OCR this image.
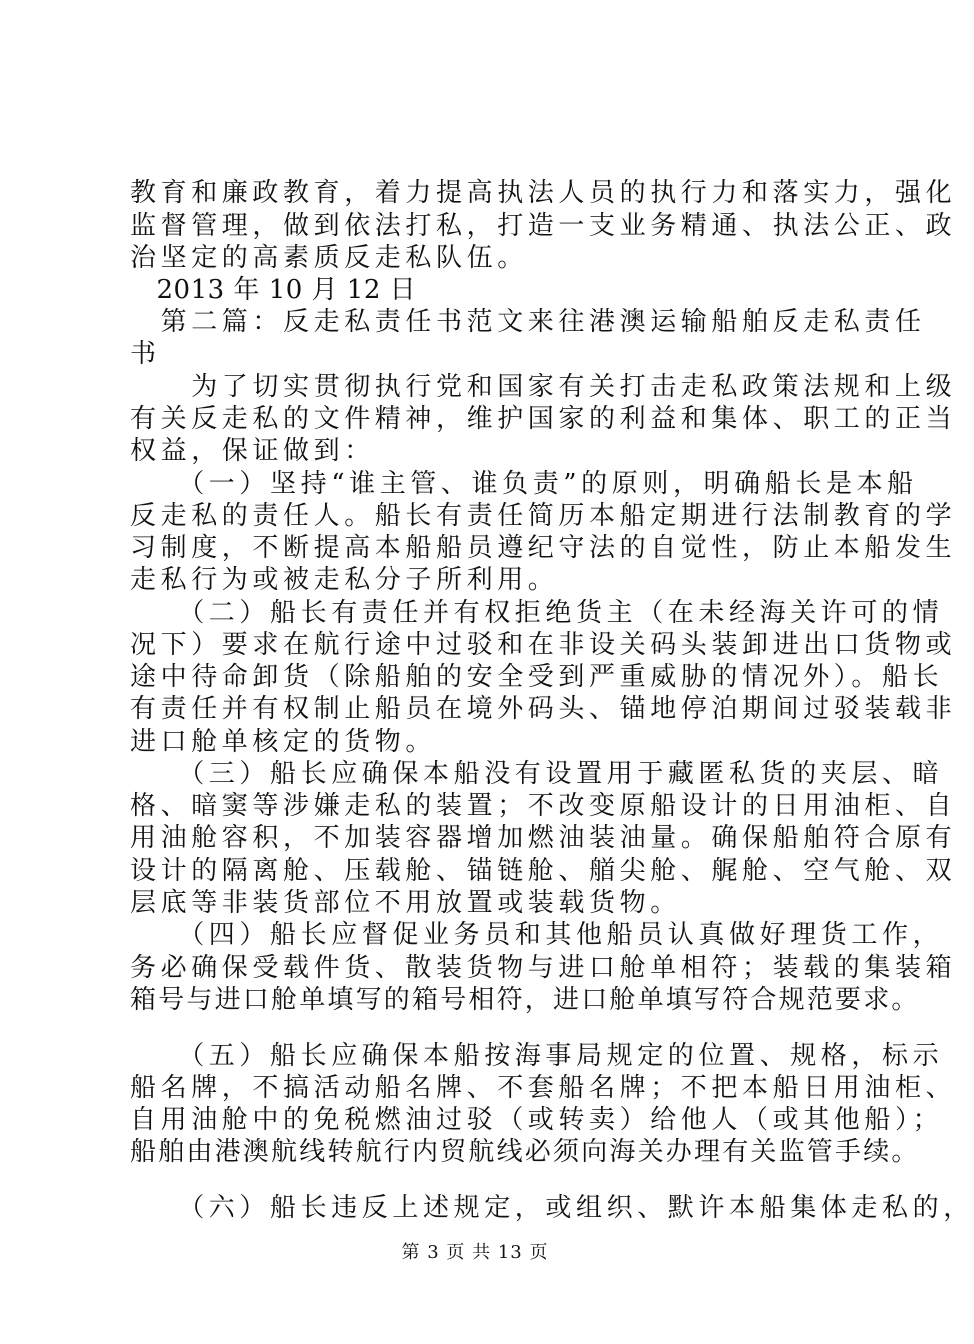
教育和廉政教育，着力提高执法人员的执行力和落实力，强化
监督管理，做到依法打私，打造一支业务精通、执法公正、政
治坚定的高素质反走私队伍。
　2013 年 10 月 12 日
　第二篇：反走私责任书范文来往港澳运输船舶反走私责任
书
　　为了切实贯彻执行党和国家有关打击走私政策法规和上级
有关反走私的文件精神，维护国家的利益和集体、职工的正当
权益，保证做到：
　　（一）坚持“谁主管、谁负责”的原则，明确船长是本船
反走私的责任人。船长有责任简历本船定期进行法制教育的学
习制度，不断提高本船船员遵纪守法的自觉性，防止本船发生
走私行为或被走私分子所利用。
　　（二）船长有责任并有权拒绝货主（在未经海关许可的情
况下）要求在航行途中过驳和在非设关码头装卸进出口货物或
途中待命卸货（除船舶的安全受到严重威胁的情况外）。船长
有责任并有权制止船员在境外码头、锚地停泊期间过驳装载非
进口舱单核定的货物。
　　（三）船长应确保本船没有设置用于藏匿私货的夹层、暗
格、暗窦等涉嫌走私的装置；不改变原船设计的日用油柜、自
用油舱容积，不加装容器增加燃油装油量。确保船舶符合原有
设计的隔离舱、压载舱、锚链舱、艏尖舱、艉舱、空气舱、双
层底等非装货部位不用放置或装载货物。
　　（四）船长应督促业务员和其他船员认真做好理货工作，
务必确保受载件货、散装货物与进口舱单相符；装载的集装箱
箱号与进口舱单填写的箱号相符，进口舱单填写符合规范要求。
　　（五）船长应确保本船按海事局规定的位置、规格，标示
船名牌，不搞活动船名牌、不套船名牌；不把本船日用油柜、
自用油舱中的免税燃油过驳（或转卖）给他人（或其他船）；
船舶由港澳航线转航行内贸航线必须向海关办理有关监管手续。
　　（六）船长违反上述规定，或组织、默许本船集体走私的，
第 3 页 共 13 页
